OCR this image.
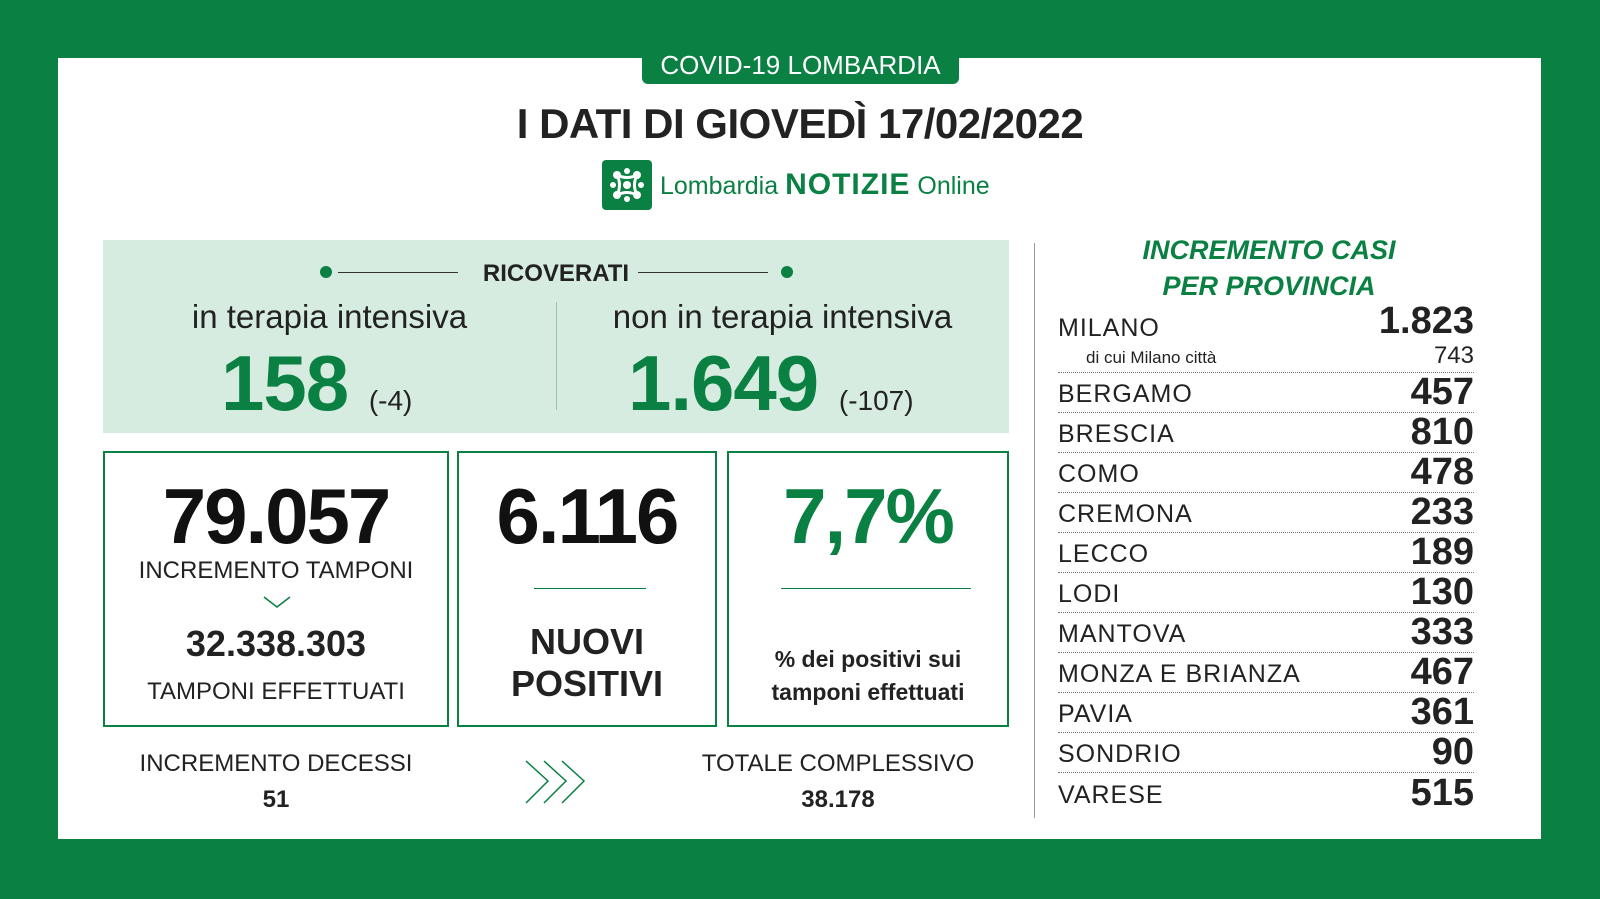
COVID-19 LOMBARDIA
I DATI DI GIOVEDÌ 17/02/2022
Lombardia NOTIZIE Online
RICOVERATI
in terapia intensiva
158 (-4)
non in terapia intensiva
1.649 (-107)
79.057
INCREMENTO TAMPONI
32.338.303
TAMPONI EFFETTUATI
6.116
NUOVI
POSITIVI
7,7%
% dei positivi sui
tamponi effettuati
INCREMENTO DECESSI
51
TOTALE COMPLESSIVO
38.178
INCREMENTO CASI
PER PROVINCIA
MILANO	1.823
di cui Milano città	743
BERGAMO	457
BRESCIA	810
COMO	478
CREMONA	233
LECCO	189
LODI	130
MANTOVA	333
MONZA E BRIANZA	467
PAVIA	361
SONDRIO	90
VARESE	515
